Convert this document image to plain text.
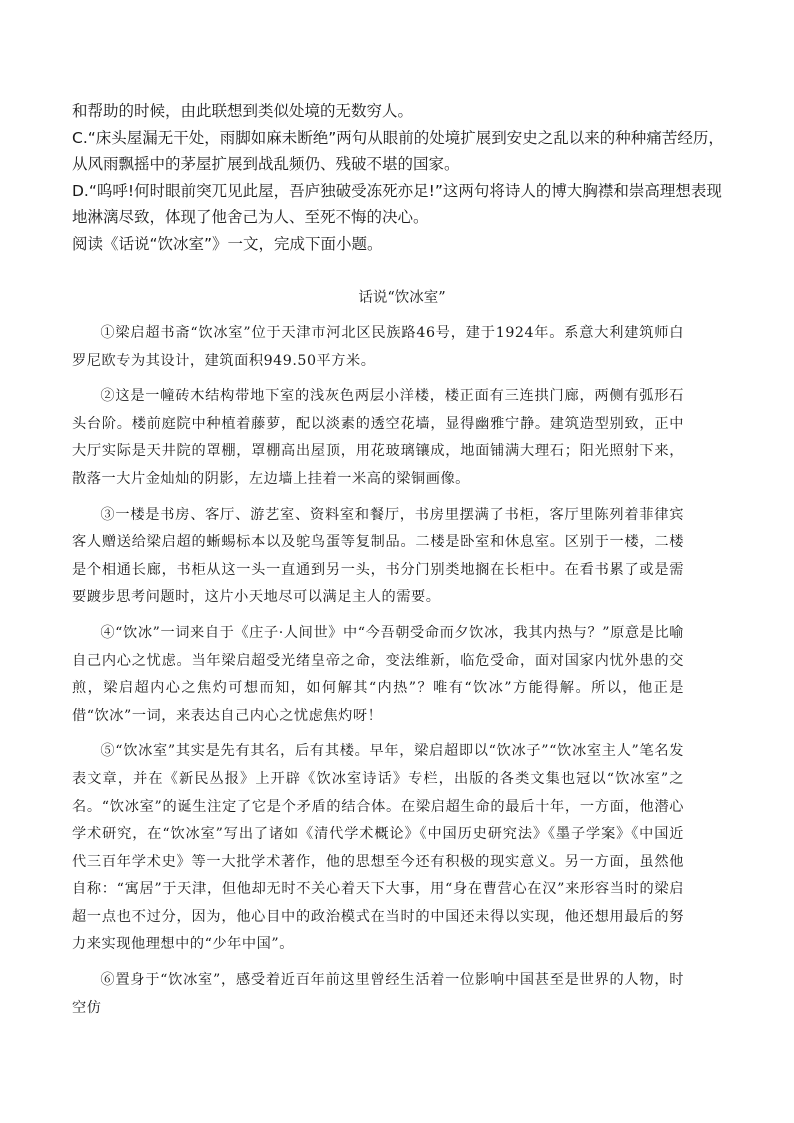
和帮助的时候，由此联想到类似处境的无数穷人。

C.“床头屋漏无干处，雨脚如麻未断绝”两句从眼前的处境扩展到安史之乱以来的种种痛苦经历，从风雨飘摇中的茅屋扩展到战乱频仍、残破不堪的国家。

D.“呜呼!何时眼前突兀见此屋，吾庐独破受冻死亦足!”这两句将诗人的博大胸襟和崇高理想表现地淋漓尽致，体现了他舍己为人、至死不悔的决心。

阅读《话说“饮冰室”》一文，完成下面小题。

话说“饮冰室”

①梁启超书斋“饮冰室”位于天津市河北区民族路46号，建于1924年。系意大利建筑师白罗尼欧专为其设计，建筑面积949.50平方米。

②这是一幢砖木结构带地下室的浅灰色两层小洋楼，楼正面有三连拱门廊，两侧有弧形石头台阶。楼前庭院中种植着藤萝，配以淡素的透空花墙，显得幽雅宁静。建筑造型别致，正中大厅实际是天井院的罩棚，罩棚高出屋顶，用花玻璃镶成，地面铺满大理石；阳光照射下来，散落一大片金灿灿的阴影，左边墙上挂着一米高的梁铜画像。

③一楼是书房、客厅、游艺室、资料室和餐厅，书房里摆满了书柜，客厅里陈列着菲律宾客人赠送给梁启超的蜥蜴标本以及鸵鸟蛋等复制品。二楼是卧室和休息室。区别于一楼，二楼是个相通长廊，书柜从这一头一直通到另一头，书分门别类地搁在长柜中。在看书累了或是需要踱步思考问题时，这片小天地尽可以满足主人的需要。

④“饮冰”一词来自于《庄子·人间世》中“今吾朝受命而夕饮冰，我其内热与？”原意是比喻自己内心之忧虑。当年梁启超受光绪皇帝之命，变法维新，临危受命，面对国家内忧外患的交煎，梁启超内心之焦灼可想而知，如何解其“内热”？唯有“饮冰”方能得解。所以，他正是借“饮冰”一词，来表达自己内心之忧虑焦灼呀！

⑤“饮冰室”其实是先有其名，后有其楼。早年，梁启超即以“饮冰子”“饮冰室主人”笔名发表文章，并在《新民丛报》上开辟《饮冰室诗话》专栏，出版的各类文集也冠以“饮冰室”之名。“饮冰室”的诞生注定了它是个矛盾的结合体。在梁启超生命的最后十年，一方面，他潜心学术研究，在“饮冰室”写出了诸如《清代学术概论》《中国历史研究法》《墨子学案》《中国近代三百年学术史》等一大批学术著作，他的思想至今还有积极的现实意义。另一方面，虽然他自称：“寓居”于天津，但他却无时不关心着天下大事，用“身在曹营心在汉”来形容当时的梁启超一点也不过分，因为，他心目中的政治模式在当时的中国还未得以实现，他还想用最后的努力来实现他理想中的“少年中国”。

⑥置身于“饮冰室”，感受着近百年前这里曾经生活着一位影响中国甚至是世界的人物，时空仿
